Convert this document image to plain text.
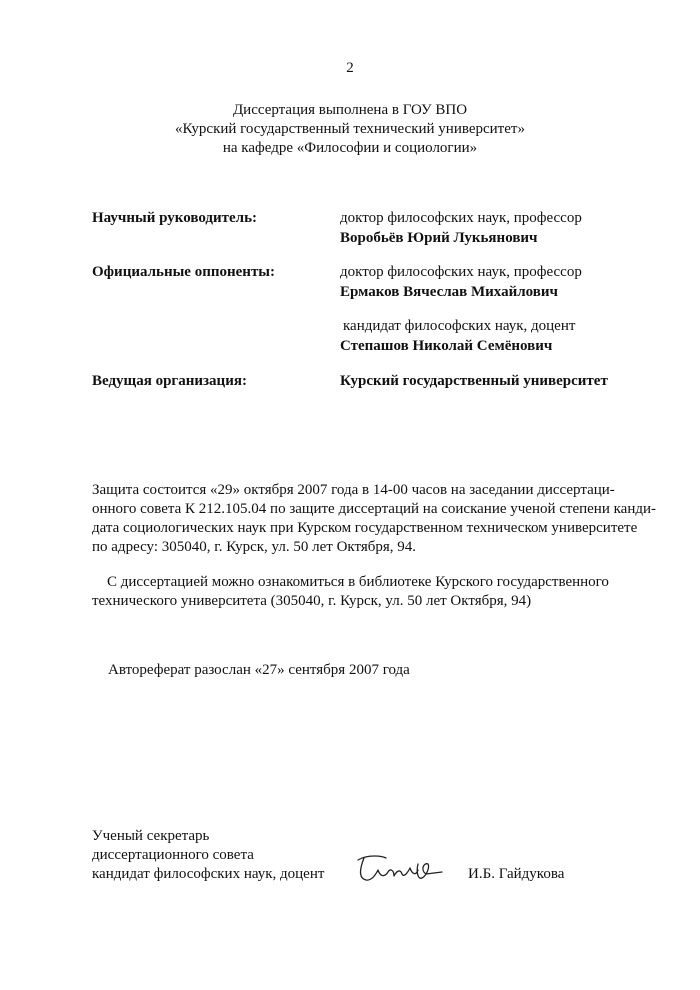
2
Диссертация выполнена в ГОУ ВПО
«Курский государственный технический университет»
на кафедре «Философии и социологии»
Научный руководитель:	доктор философских наук, профессор
Воробьёв Юрий Лукьянович
Официальные оппоненты:	доктор философских наук, профессор
Ермаков Вячеслав Михайлович
кандидат философских наук, доцент
Степашов Николай Семёнович
Ведущая организация:	Курский государственный университет
Защита состоится «29» октября 2007 года в 14-00 часов на заседании диссертаци-
онного совета К 212.105.04 по защите диссертаций на соискание ученой степени канди-
дата социологических наук при Курском государственном техническом университете
по адресу: 305040, г. Курск, ул. 50 лет Октября, 94.
С диссертацией можно ознакомиться в библиотеке Курского государственного
технического университета (305040, г. Курск, ул. 50 лет Октября, 94)
Автореферат разослан «27» сентября 2007 года
Ученый секретарь
диссертационного совета
кандидат философских наук, доцент	И.Б. Гайдукова
